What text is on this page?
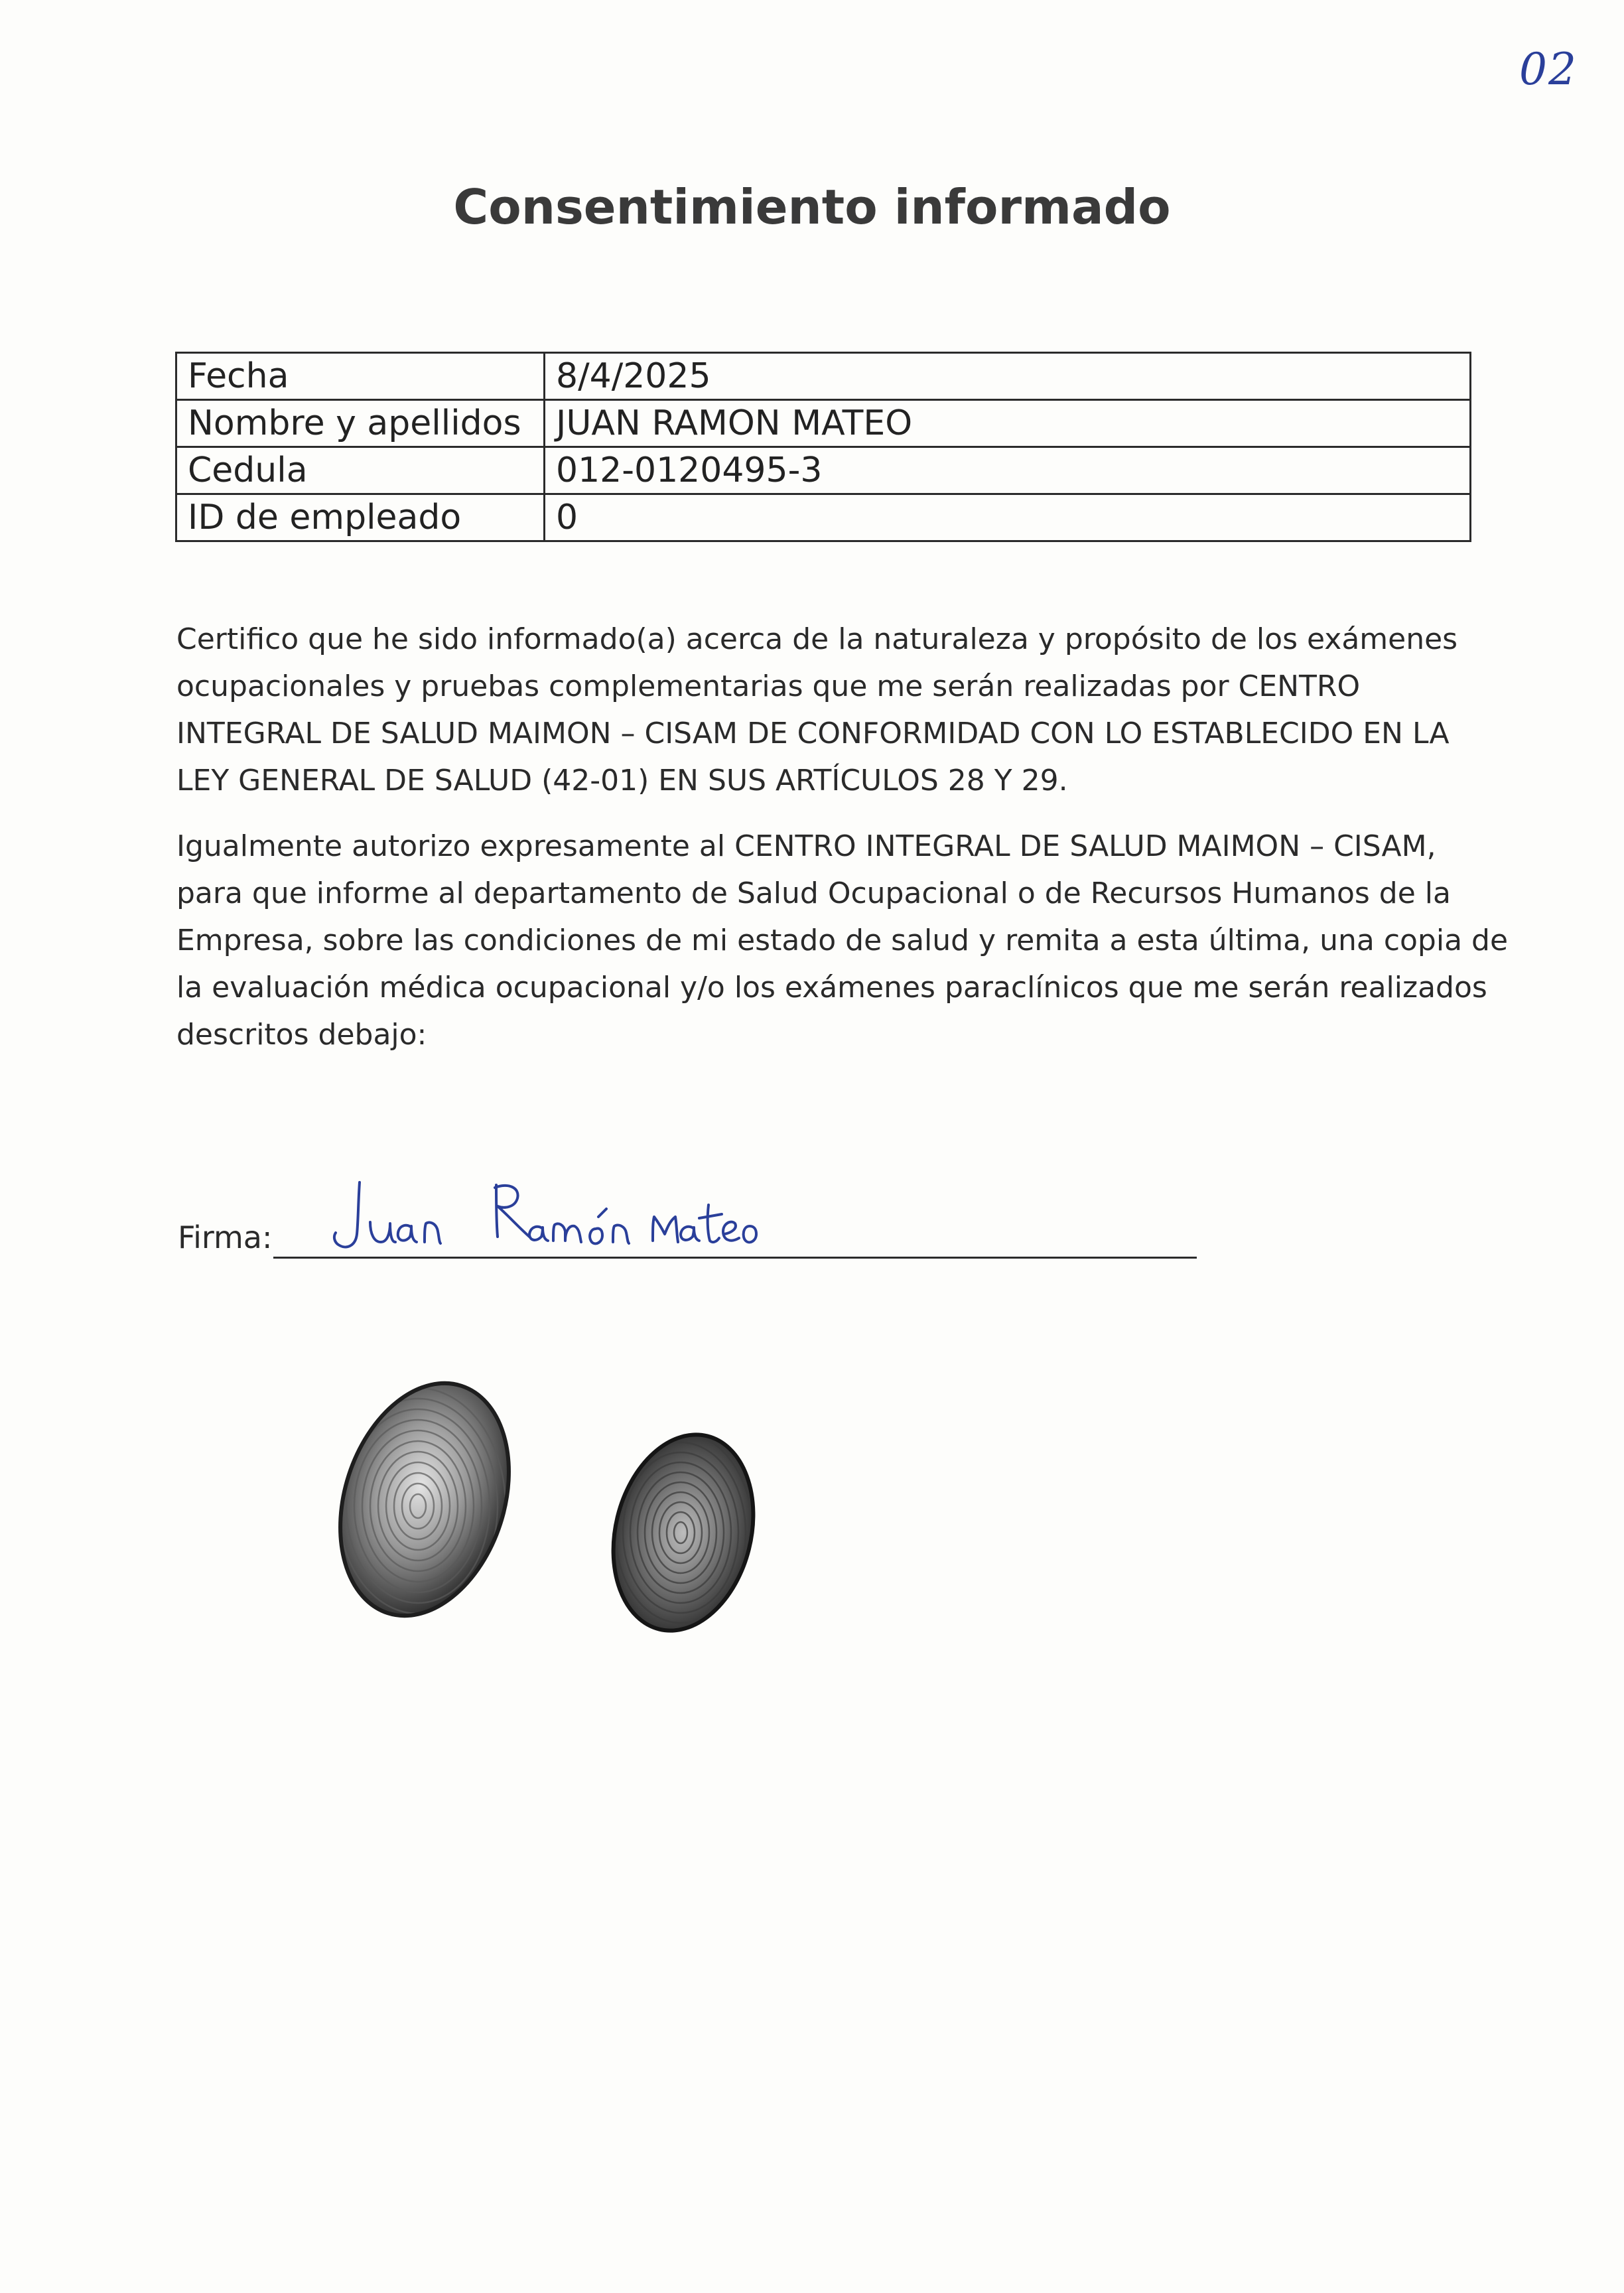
02
Consentimiento informado
Fecha	8/4/2025
Nombre y apellidos	JUAN RAMON MATEO
Cedula	012-0120495-3
ID de empleado	0
Certifico que he sido informado(a) acerca de la naturaleza y propósito de los exámenes
ocupacionales y pruebas complementarias que me serán realizadas por CENTRO
INTEGRAL DE SALUD MAIMON – CISAM DE CONFORMIDAD CON LO ESTABLECIDO EN LA
LEY GENERAL DE SALUD (42-01) EN SUS ARTÍCULOS 28 Y 29.
Igualmente autorizo expresamente al CENTRO INTEGRAL DE SALUD MAIMON – CISAM,
para que informe al departamento de Salud Ocupacional o de Recursos Humanos de la
Empresa, sobre las condiciones de mi estado de salud y remita a esta última, una copia de
la evaluación médica ocupacional y/o los exámenes paraclínicos que me serán realizados
descritos debajo:
Firma:
